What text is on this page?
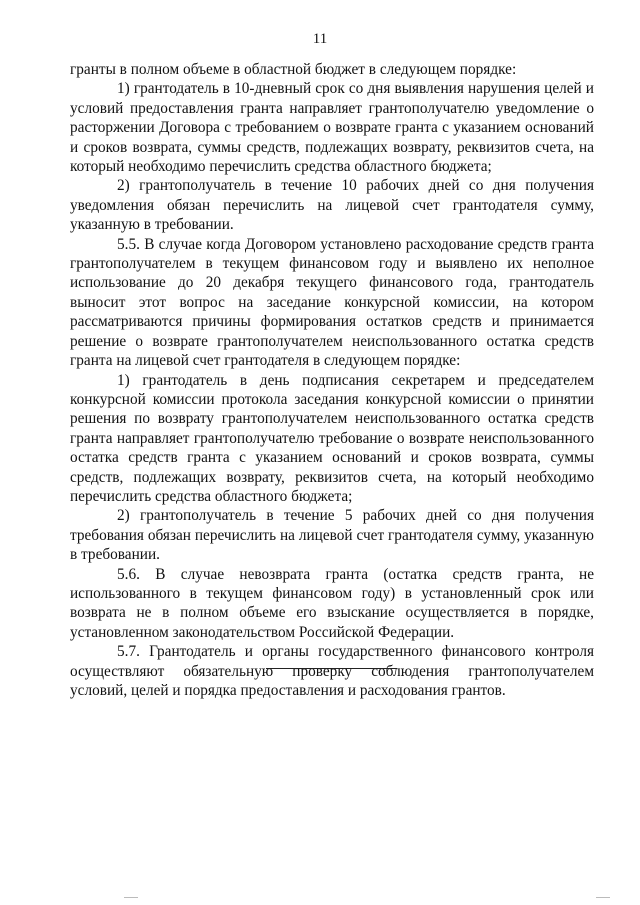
11

гранты в полном объеме в областной бюджет в следующем порядке:

1) грантодатель в 10-дневный срок со дня выявления нарушения целей и условий предоставления гранта направляет грантополучателю уведомление о расторжении Договора с требованием о возврате гранта с указанием оснований и сроков возврата, суммы средств, подлежащих возврату, реквизитов счета, на который необходимо перечислить средства областного бюджета;

2) грантополучатель в течение 10 рабочих дней со дня получения уведомления обязан перечислить на лицевой счет грантодателя сумму, указанную в требовании.

5.5. В случае когда Договором установлено расходование средств гранта грантополучателем в текущем финансовом году и выявлено их неполное использование до 20 декабря текущего финансового года, грантодатель выносит этот вопрос на заседание конкурсной комиссии, на котором рассматриваются причины формирования остатков средств и принимается решение о возврате грантополучателем неиспользованного остатка средств гранта на лицевой счет грантодателя в следующем порядке:

1) грантодатель в день подписания секретарем и председателем конкурсной комиссии протокола заседания конкурсной комиссии о принятии решения по возврату грантополучателем неиспользованного остатка средств гранта направляет грантополучателю требование о возврате неиспользованного остатка средств гранта с указанием оснований и сроков возврата, суммы средств, подлежащих возврату, реквизитов счета, на который необходимо перечислить средства областного бюджета;

2) грантополучатель в течение 5 рабочих дней со дня получения требования обязан перечислить на лицевой счет грантодателя сумму, указанную в требовании.

5.6. В случае невозврата гранта (остатка средств гранта, не использованного в текущем финансовом году) в установленный срок или возврата не в полном объеме его взыскание осуществляется в порядке, установленном законодательством Российской Федерации.

5.7. Грантодатель и органы государственного финансового контроля осуществляют обязательную проверку соблюдения грантополучателем условий, целей и порядка предоставления и расходования грантов.
